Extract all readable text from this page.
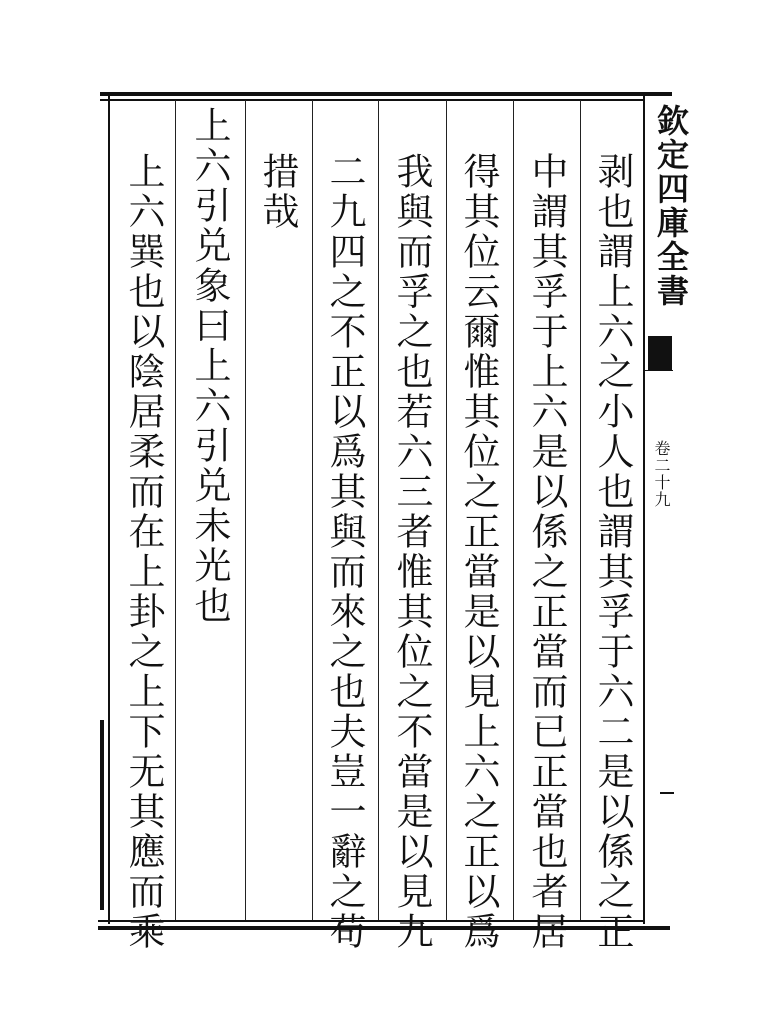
欽定四庫全書
卷二十九
剥也謂上六之小人也謂其孚于六二是以係之正
中謂其孚于上六是以係之正當而已正當也者居
得其位云爾惟其位之正當是以見上六之正以爲
我與而孚之也若六三者惟其位之不當是以見九
二九四之不正以爲其與而來之也夫豈一辭之苟
措哉
上六引兑象曰上六引兑未光也
上六巽也以陰居柔而在上卦之上下无其應而乘
